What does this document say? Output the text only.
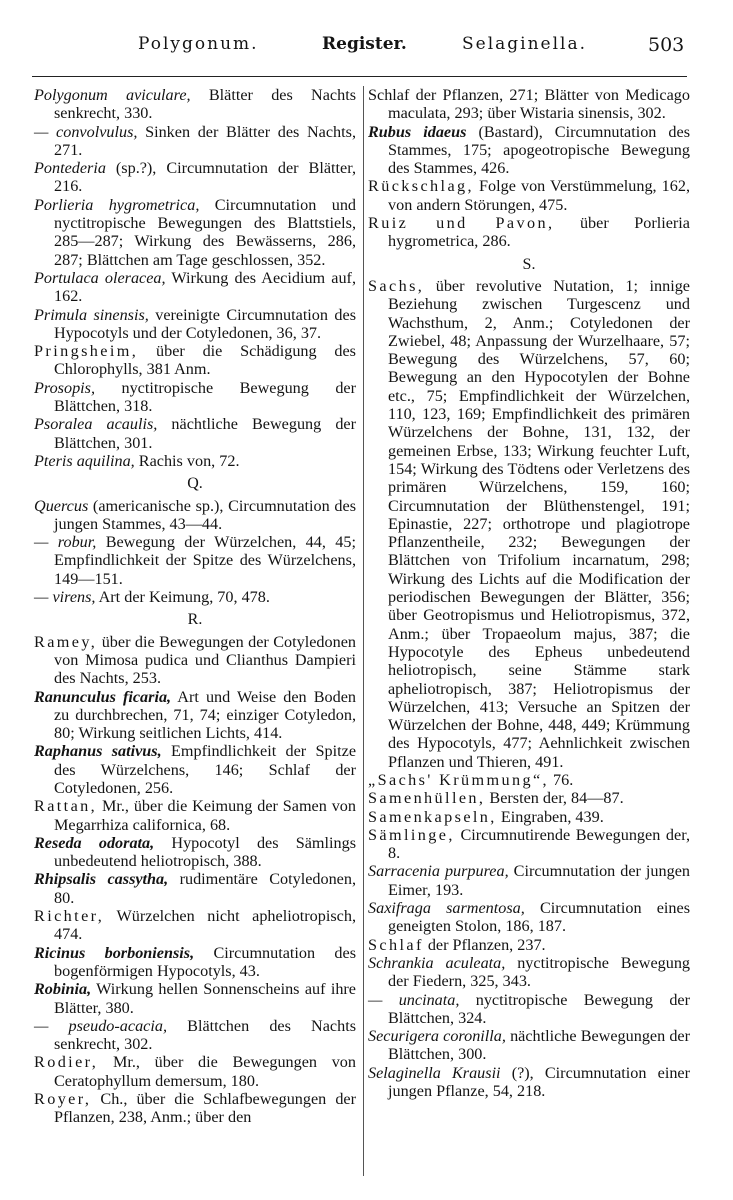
Polygonum.	Register.	Selaginella.	503
Polygonum aviculare, Blätter des Nachts senkrecht, 330.
— convolvulus, Sinken der Blätter des Nachts, 271.
Pontederia (sp.?), Circumnutation der Blätter, 216.
Porlieria hygrometrica, Circumnutation und nyctitropische Bewegungen des Blattstiels, 285—287; Wirkung des Bewässerns, 286, 287; Blättchen am Tage geschlossen, 352.
Portulaca oleracea, Wirkung des Aecidium auf, 162.
Primula sinensis, vereinigte Circumnutation des Hypocotyls und der Cotyledonen, 36, 37.
Pringsheim, über die Schädigung des Chlorophylls, 381 Anm.
Prosopis, nyctitropische Bewegung der Blättchen, 318.
Psoralea acaulis, nächtliche Bewegung der Blättchen, 301.
Pteris aquilina, Rachis von, 72.
Q.
Quercus (americanische sp.), Circumnutation des jungen Stammes, 43—44.
— robur, Bewegung der Würzelchen, 44, 45; Empfindlichkeit der Spitze des Würzelchens, 149—151.
— virens, Art der Keimung, 70, 478.
R.
Ramey, über die Bewegungen der Cotyledonen von Mimosa pudica und Clianthus Dampieri des Nachts, 253.
Ranunculus ficaria, Art und Weise den Boden zu durchbrechen, 71, 74; einziger Cotyledon, 80; Wirkung seitlichen Lichts, 414.
Raphanus sativus, Empfindlichkeit der Spitze des Würzelchens, 146; Schlaf der Cotyledonen, 256.
Rattan, Mr., über die Keimung der Samen von Megarrhiza californica, 68.
Reseda odorata, Hypocotyl des Sämlings unbedeutend heliotropisch, 388.
Rhipsalis cassytha, rudimentäre Cotyledonen, 80.
Richter, Würzelchen nicht apheliotropisch, 474.
Ricinus borboniensis, Circumnutation des bogenförmigen Hypocotyls, 43.
Robinia, Wirkung hellen Sonnenscheins auf ihre Blätter, 380.
— pseudo-acacia, Blättchen des Nachts senkrecht, 302.
Rodier, Mr., über die Bewegungen von Ceratophyllum demersum, 180.
Royer, Ch., über die Schlafbewegungen der Pflanzen, 238, Anm.; über den
Schlaf der Pflanzen, 271; Blätter von Medicago maculata, 293; über Wistaria sinensis, 302.
Rubus idaeus (Bastard), Circumnutation des Stammes, 175; apogeotropische Bewegung des Stammes, 426.
Rückschlag, Folge von Verstümmelung, 162, von andern Störungen, 475.
Ruiz und Pavon, über Porlieria hygrometrica, 286.
S.
Sachs, über revolutive Nutation, 1; innige Beziehung zwischen Turgescenz und Wachsthum, 2, Anm.; Cotyledonen der Zwiebel, 48; Anpassung der Wurzelhaare, 57; Bewegung des Würzelchens, 57, 60; Bewegung an den Hypocotylen der Bohne etc., 75; Empfindlichkeit der Würzelchen, 110, 123, 169; Empfindlichkeit des primären Würzelchens der Bohne, 131, 132, der gemeinen Erbse, 133; Wirkung feuchter Luft, 154; Wirkung des Tödtens oder Verletzens des primären Würzelchens, 159, 160; Circumnutation der Blüthenstengel, 191; Epinastie, 227; orthotrope und plagiotrope Pflanzentheile, 232; Bewegungen der Blättchen von Trifolium incarnatum, 298; Wirkung des Lichts auf die Modification der periodischen Bewegungen der Blätter, 356; über Geotropismus und Heliotropismus, 372, Anm.; über Tropaeolum majus, 387; die Hypocotyle des Epheus unbedeutend heliotropisch, seine Stämme stark apheliotropisch, 387; Heliotropismus der Würzelchen, 413; Versuche an Spitzen der Würzelchen der Bohne, 448, 449; Krümmung des Hypocotyls, 477; Aehnlichkeit zwischen Pflanzen und Thieren, 491.
„Sachs' Krümmung“, 76.
Samenhüllen, Bersten der, 84—87.
Samenkapseln, Eingraben, 439.
Sämlinge, Circumnutirende Bewegungen der, 8.
Sarracenia purpurea, Circumnutation der jungen Eimer, 193.
Saxifraga sarmentosa, Circumnutation eines geneigten Stolon, 186, 187.
Schlaf der Pflanzen, 237.
Schrankia aculeata, nyctitropische Bewegung der Fiedern, 325, 343.
— uncinata, nyctitropische Bewegung der Blättchen, 324.
Securigera coronilla, nächtliche Bewegungen der Blättchen, 300.
Selaginella Krausii (?), Circumnutation einer jungen Pflanze, 54, 218.
